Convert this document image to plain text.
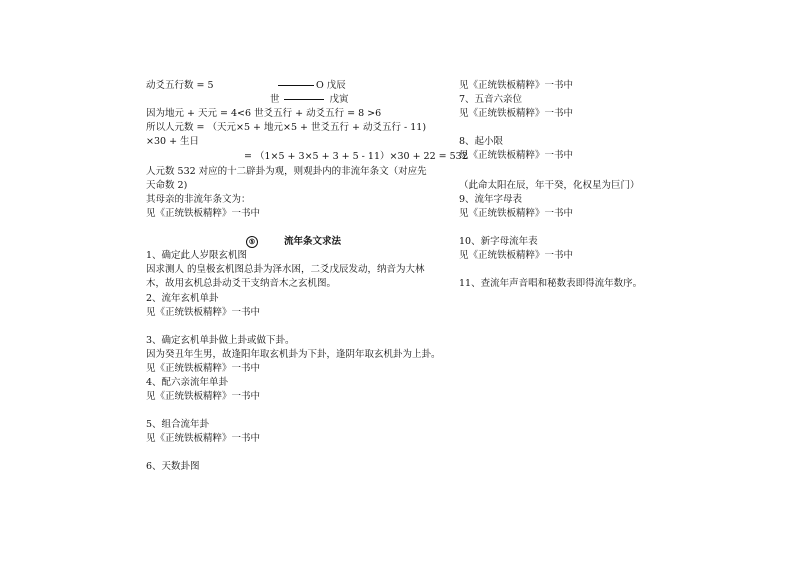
动爻五行数 = 5	O 戊辰
世	戊寅
因为地元 + 天元 = 4<6 世爻五行 + 动爻五行 = 8 >6
所以人元数 = （天元×5 + 地元×5 + 世爻五行 + 动爻五行 - 11)
×30 + 生日
= （1×5 + 3×5 + 3 + 5 - 11）×30 + 22 = 532
人元数 532 对应的十二辟卦为观，则观卦内的非流年条文（对应先
天命数 2)
其母亲的非流年条文为：
见《正统铁板精粹》一书中
⑤	流年条文求法
1、确定此人岁限玄机图
因求测人 的皇极玄机图总卦为泽水困，二爻戊辰发动，纳音为大林
木，故用玄机总卦动爻干支纳音木之玄机图。
2、流年玄机单卦
见《正统铁板精粹》一书中
3、确定玄机单卦做上卦或做下卦。
因为癸丑年生男，故逢阳年取玄机卦为下卦，逢阴年取玄机卦为上卦。
见《正统铁板精粹》一书中
4、配六亲流年单卦
见《正统铁板精粹》一书中
5、组合流年卦
见《正统铁板精粹》一书中
6、天数卦图
见《正统铁板精粹》一书中
7、五音六亲位
见《正统铁板精粹》一书中
8、起小限
见《正统铁板精粹》一书中
（此命太阳在辰，年干癸，化权星为巨门）
9、流年字母表
见《正统铁板精粹》一书中
10、新字母流年表
见《正统铁板精粹》一书中
11、查流年声音唱和秘数表即得流年数序。
